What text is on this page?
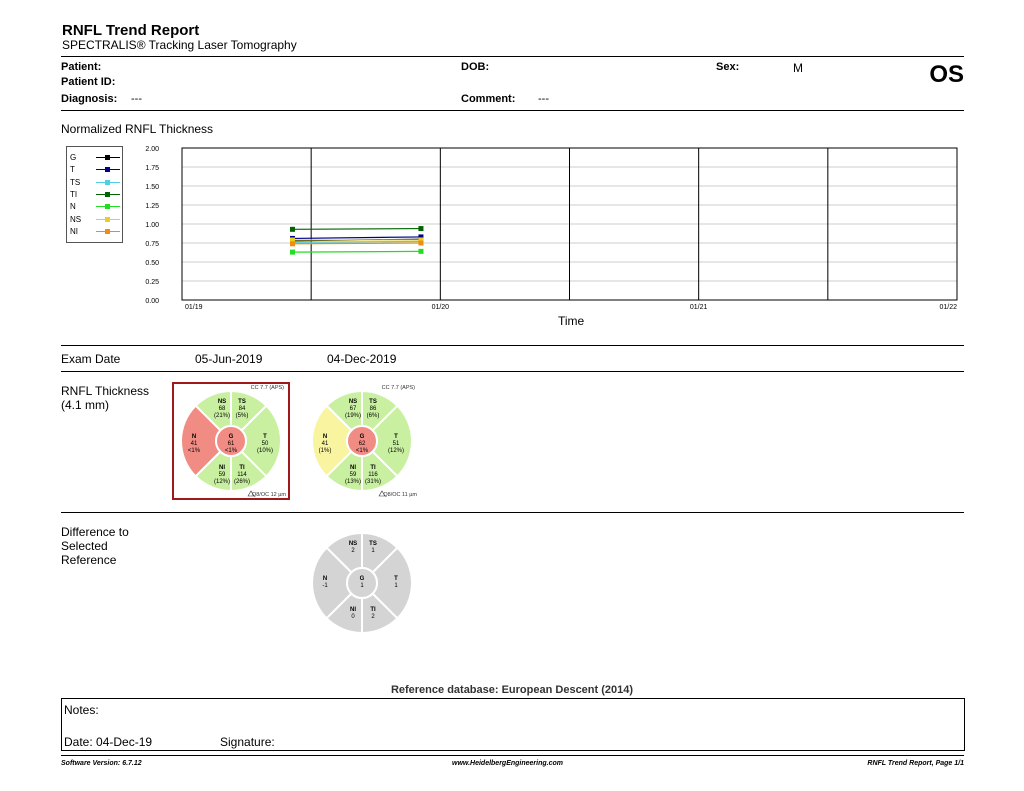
RNFL Trend Report
SPECTRALIS® Tracking Laser Tomography
Patient:
Patient ID:
Diagnosis: ---
DOB:
Comment: ---
Sex:	M	OS
Normalized RNFL Thickness
G
T
TS
TI
N
NS
NI
0.00
0.25
0.50
0.75
1.00
1.25
1.50
1.75
2.00
01/19	01/20	01/21	01/22
Time
Exam Date	05-Jun-2019	04-Dec-2019
RNFL Thickness
(4.1 mm)	NS
68
(21%)
TS
84
(5%)
T
50
(10%)
TI
114
(26%)
NI
59
(12%)
N
41
<1%
G
61
<1%
CC 7.7 (APS)
Q8/OC 12 µm
NS
67
(19%)
TS
86
(6%)
T
51
(12%)
TI
116
(31%)
NI
59
(13%)
N
41
(1%)
G
62
<1%
CC 7.7 (APS)
Q8/OC 11 µm
Difference to
Selected
Reference
NS
2
TS
1
T
1
TI
2
NI
0
N
-1
G
1
Reference database: European Descent (2014)
Notes:
Date: 04-Dec-19	Signature:
Software Version: 6.7.12	www.HeidelbergEngineering.com	RNFL Trend Report, Page 1/1
